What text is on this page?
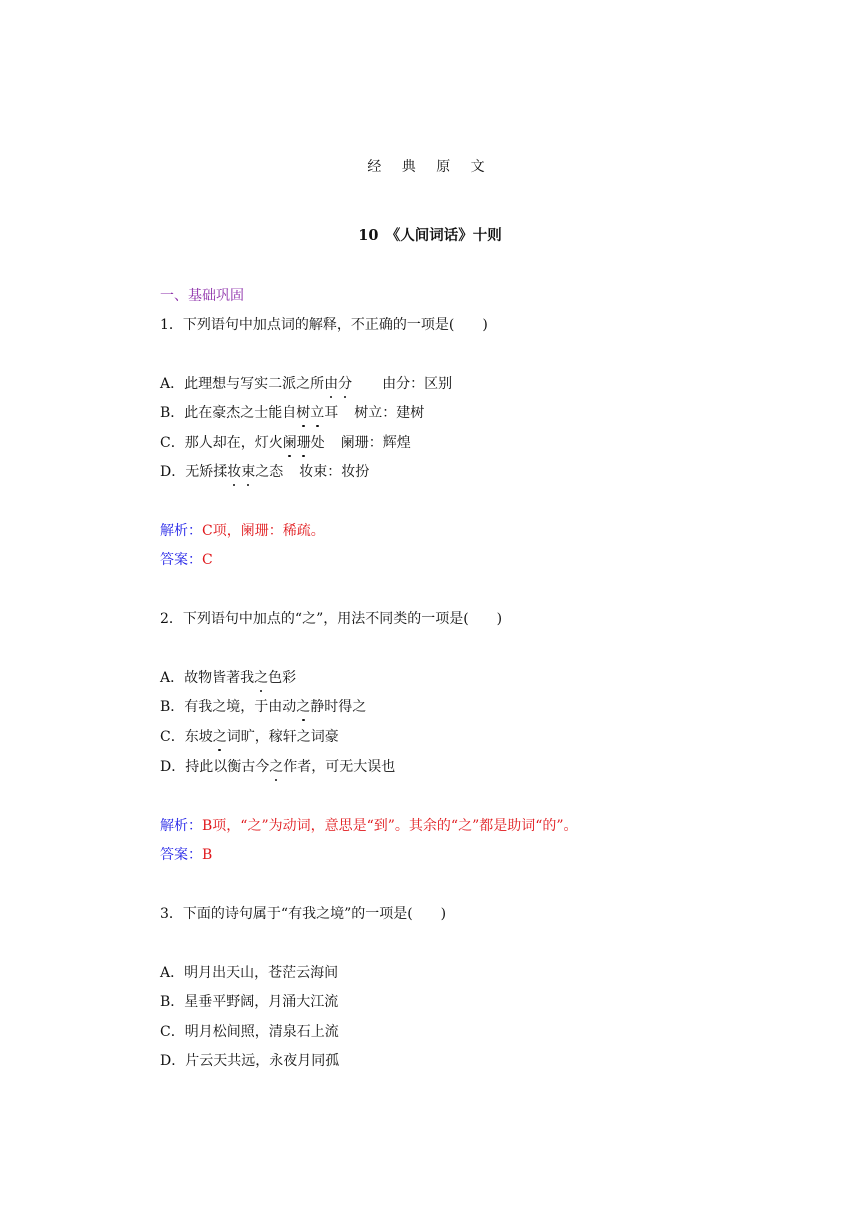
经 典 原 文
10　《人间词话》十则
一、基础巩固
1．下列语句中加点词的解释，不正确的一项是(　　)
A．此理想与写实二派之所由分 由分：区别
B．此在豪杰之士能自树立耳 树立：建树
C．那人却在，灯火阑珊处 阑珊：辉煌
D．无矫揉妆束之态 妆束：妆扮
解析：C项，阑珊：稀疏。
答案：C
2．下列语句中加点的“之”，用法不同类的一项是(　　)
A．故物皆著我之色彩
B．有我之境，于由动之静时得之
C．东坡之词旷，稼轩之词豪
D．持此以衡古今之作者，可无大误也
解析：B项，“之”为动词，意思是“到”。其余的“之”都是助词“的”。
答案：B
3．下面的诗句属于“有我之境”的一项是(　　)
A．明月出天山，苍茫云海间
B．星垂平野阔，月涌大江流
C．明月松间照，清泉石上流
D．片云天共远，永夜月同孤
